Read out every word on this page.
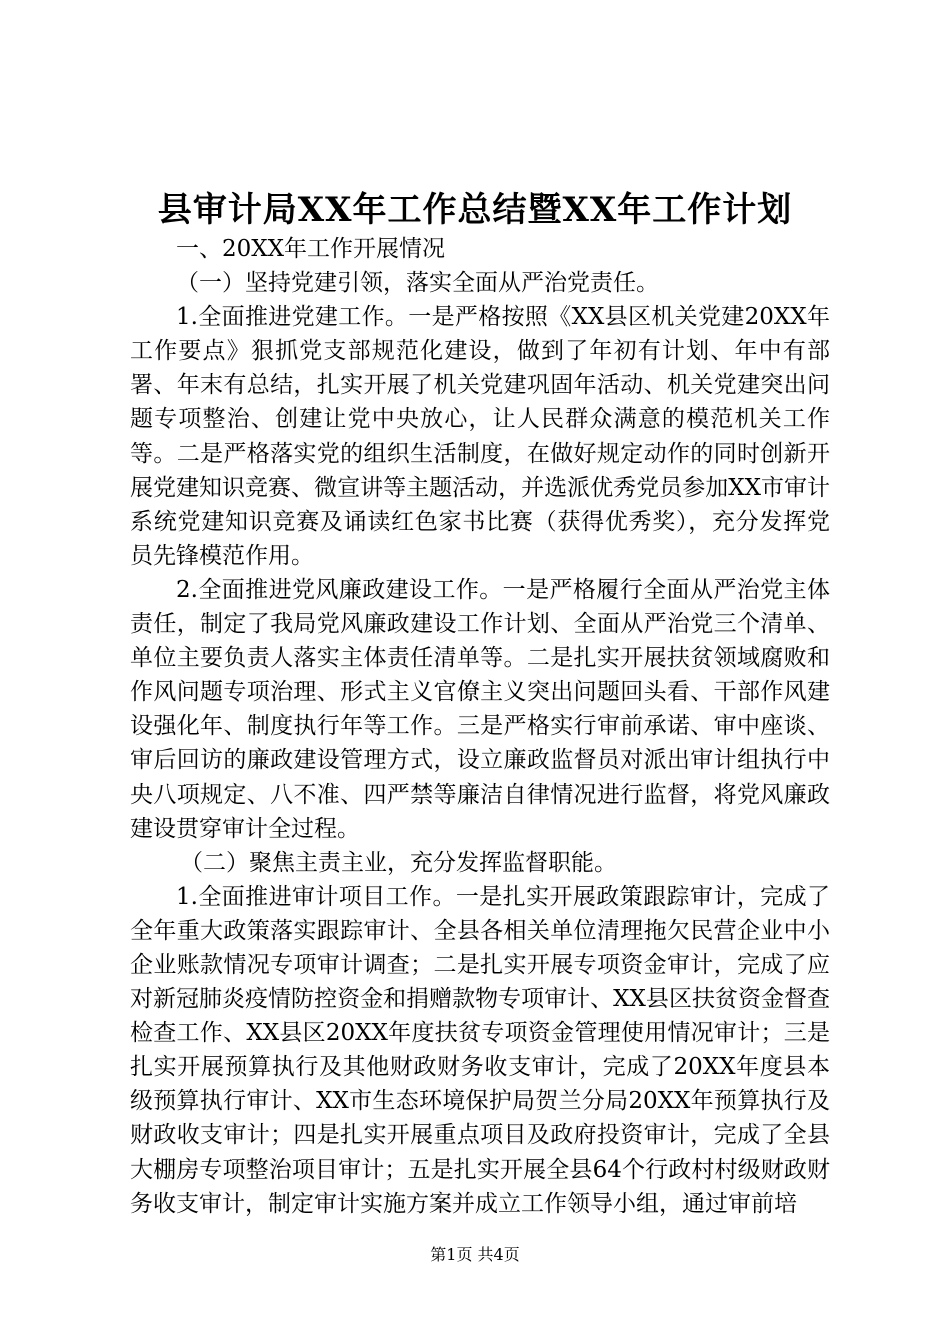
县审计局XX年工作总结暨XX年工作计划

一、20XX年工作开展情况

（一）坚持党建引领，落实全面从严治党责任。

1.全面推进党建工作。一是严格按照《XX县区机关党建20XX年工作要点》狠抓党支部规范化建设，做到了年初有计划、年中有部署、年末有总结，扎实开展了机关党建巩固年活动、机关党建突出问题专项整治、创建让党中央放心，让人民群众满意的模范机关工作等。二是严格落实党的组织生活制度，在做好规定动作的同时创新开展党建知识竞赛、微宣讲等主题活动，并选派优秀党员参加XX市审计系统党建知识竞赛及诵读红色家书比赛（获得优秀奖），充分发挥党员先锋模范作用。

2.全面推进党风廉政建设工作。一是严格履行全面从严治党主体责任，制定了我局党风廉政建设工作计划、全面从严治党三个清单、单位主要负责人落实主体责任清单等。二是扎实开展扶贫领域腐败和作风问题专项治理、形式主义官僚主义突出问题回头看、干部作风建设强化年、制度执行年等工作。三是严格实行审前承诺、审中座谈、审后回访的廉政建设管理方式，设立廉政监督员对派出审计组执行中央八项规定、八不准、四严禁等廉洁自律情况进行监督，将党风廉政建设贯穿审计全过程。

（二）聚焦主责主业，充分发挥监督职能。

1.全面推进审计项目工作。一是扎实开展政策跟踪审计，完成了全年重大政策落实跟踪审计、全县各相关单位清理拖欠民营企业中小企业账款情况专项审计调查；二是扎实开展专项资金审计，完成了应对新冠肺炎疫情防控资金和捐赠款物专项审计、XX县区扶贫资金督查检查工作、XX县区20XX年度扶贫专项资金管理使用情况审计；三是扎实开展预算执行及其他财政财务收支审计，完成了20XX年度县本级预算执行审计、XX市生态环境保护局贺兰分局20XX年预算执行及财政收支审计；四是扎实开展重点项目及政府投资审计，完成了全县大棚房专项整治项目审计；五是扎实开展全县64个行政村村级财政财务收支审计，制定审计实施方案并成立工作领导小组，通过审前培

第1页 共4页
